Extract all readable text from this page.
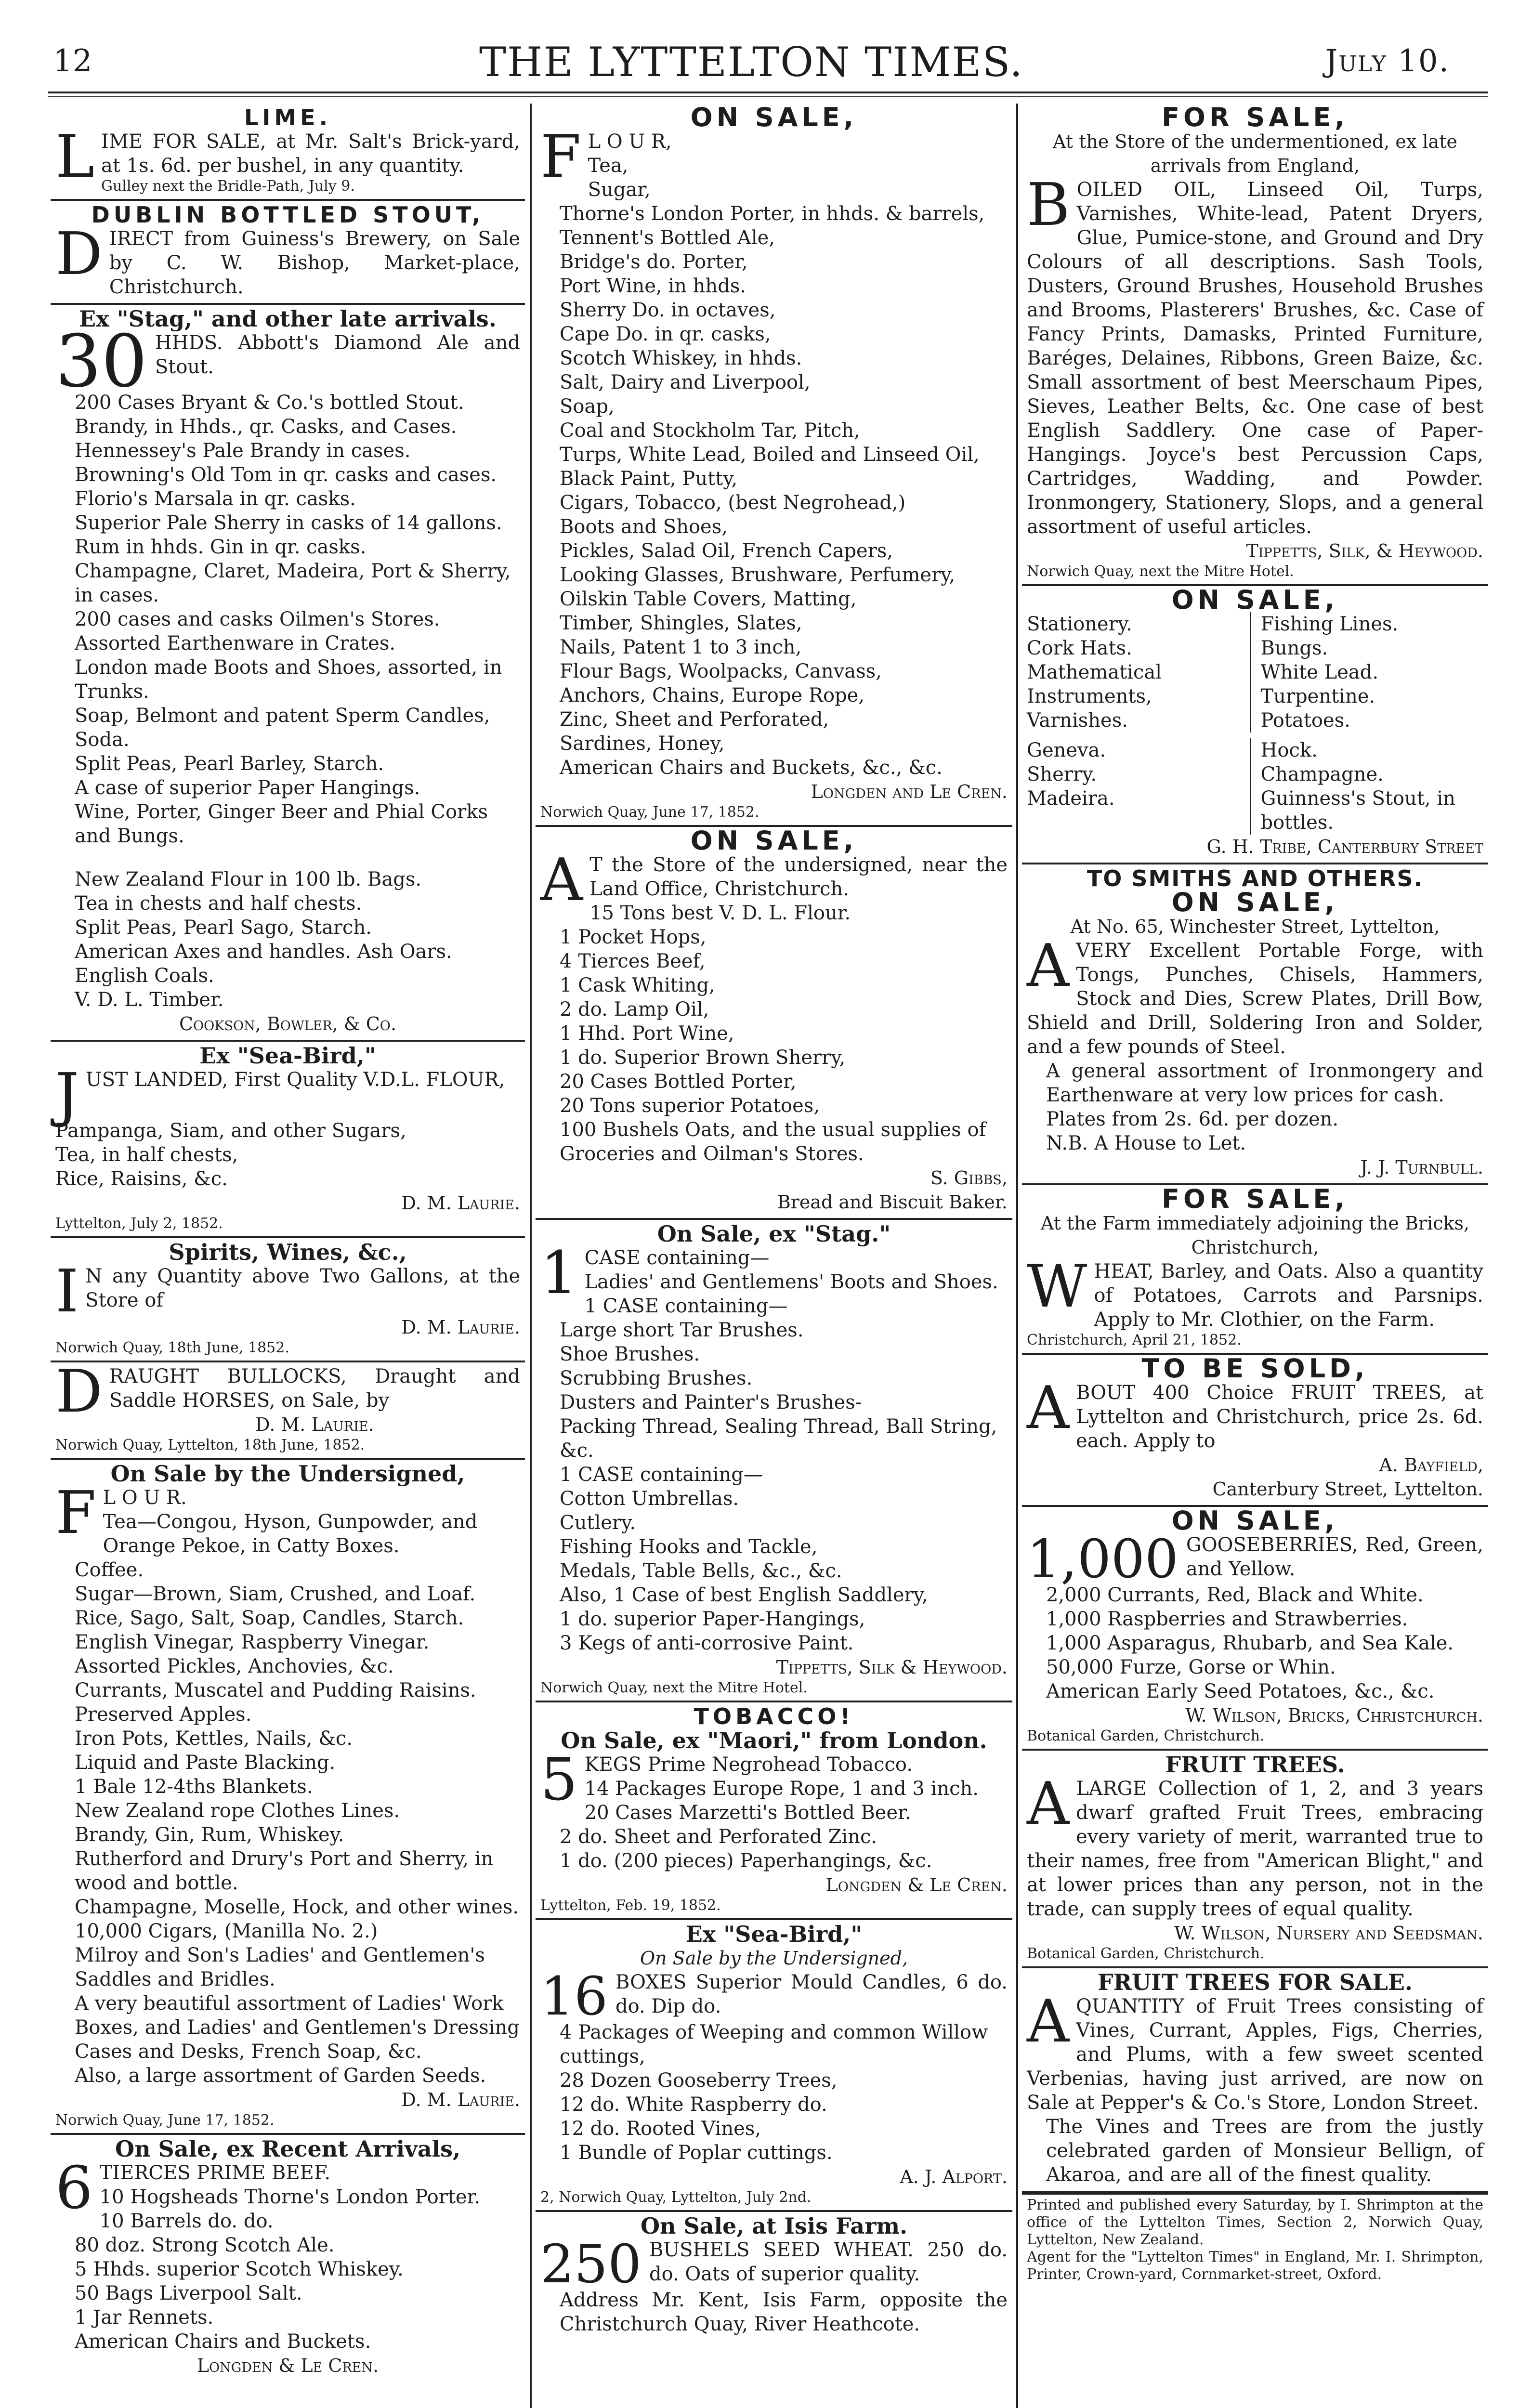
12	THE LYTTELTON TIMES.	July 10.
LIME.

LIME FOR SALE, at Mr. Salt's Brick-yard, at 1s. 6d. per bushel, in any quantity.

Gulley next the Bridle-Path, July 9.
DUBLIN BOTTLED STOUT,

DIRECT from Guiness's Brewery, on Sale by C. W. Bishop, Market-place, Christchurch.

Ex "Stag," and other late arrivals.

30 HHDS. Abbott's Diamond Ale and Stout.

200 Cases Bryant & Co.'s bottled Stout.
Brandy, in Hhds., qr. Casks, and Cases.
Hennessey's Pale Brandy in cases.
Browning's Old Tom in qr. casks and cases.
Florio's Marsala in qr. casks.
Superior Pale Sherry in casks of 14 gallons.
Rum in hhds. Gin in qr. casks.
Champagne, Claret, Madeira, Port & Sherry, in cases.
200 cases and casks Oilmen's Stores.
Assorted Earthenware in Crates.
London made Boots and Shoes, assorted, in Trunks.
Soap, Belmont and patent Sperm Candles, Soda.
Split Peas, Pearl Barley, Starch.
A case of superior Paper Hangings.
Wine, Porter, Ginger Beer and Phial Corks and Bungs.
New Zealand Flour in 100 lb. Bags.
Tea in chests and half chests.
Split Peas, Pearl Sago, Starch.
American Axes and handles. Ash Oars.
English Coals.
V. D. L. Timber.
Cookson, Bowler, & Co.
Ex "Sea-Bird,"

JUST LANDED, First Quality V.D.L. FLOUR,

Pampanga, Siam, and other Sugars,
Tea, in half chests,
Rice, Raisins, &c.
D. M. Laurie.
Lyttelton, July 2, 1852.
Spirits, Wines, &c.,

I N any Quantity above Two Gallons, at the Store of

D. M. Laurie.
Norwich Quay, 18th June, 1852.

DRAUGHT BULLOCKS, Draught and Saddle HORSES, on Sale, by

D. M. Laurie.
Norwich Quay, Lyttelton, 18th June, 1852.
On Sale by the Undersigned,

F L O U R.

Tea—Congou, Hyson, Gunpowder, and Orange Pekoe, in Catty Boxes.
Coffee.
Sugar—Brown, Siam, Crushed, and Loaf.
Rice, Sago, Salt, Soap, Candles, Starch.
English Vinegar, Raspberry Vinegar.
Assorted Pickles, Anchovies, &c.
Currants, Muscatel and Pudding Raisins.
Preserved Apples.
Iron Pots, Kettles, Nails, &c.
Liquid and Paste Blacking.
1 Bale 12-4ths Blankets.
New Zealand rope Clothes Lines.
Brandy, Gin, Rum, Whiskey.
Rutherford and Drury's Port and Sherry, in wood and bottle.
Champagne, Moselle, Hock, and other wines.
10,000 Cigars, (Manilla No. 2.)
Milroy and Son's Ladies' and Gentlemen's Saddles and Bridles.
A very beautiful assortment of Ladies' Work Boxes, and Ladies' and Gentlemen's Dressing Cases and Desks, French Soap, &c.
Also, a large assortment of Garden Seeds.
D. M. Laurie.
Norwich Quay, June 17, 1852.
On Sale, ex Recent Arrivals,

6 TIERCES PRIME BEEF.

10 Hogsheads Thorne's London Porter.
10 Barrels do. do.
80 doz. Strong Scotch Ale.
5 Hhds. superior Scotch Whiskey.
50 Bags Liverpool Salt.
1 Jar Rennets.
American Chairs and Buckets.
Longden & Le Cren.
ON SALE,

F L O U R,

Tea,
Sugar,
Thorne's London Porter, in hhds. & barrels,
Tennent's Bottled Ale,
Bridge's do. Porter,
Port Wine, in hhds.
Sherry Do. in octaves,
Cape Do. in qr. casks,
Scotch Whiskey, in hhds.
Salt, Dairy and Liverpool,
Soap,
Coal and Stockholm Tar, Pitch,
Turps, White Lead, Boiled and Linseed Oil,
Black Paint, Putty,
Cigars, Tobacco, (best Negrohead,)
Boots and Shoes,
Pickles, Salad Oil, French Capers,
Looking Glasses, Brushware, Perfumery,
Oilskin Table Covers, Matting,
Timber, Shingles, Slates,
Nails, Patent 1 to 3 inch,
Flour Bags, Woolpacks, Canvass,
Anchors, Chains, Europe Rope,
Zinc, Sheet and Perforated,
Sardines, Honey,
American Chairs and Buckets, &c., &c.
Longden and Le Cren.
Norwich Quay, June 17, 1852.
ON SALE,

A T the Store of the undersigned, near the Land Office, Christchurch.

15 Tons best V. D. L. Flour.
1 Pocket Hops,
4 Tierces Beef,
1 Cask Whiting,
2 do. Lamp Oil,
1 Hhd. Port Wine,
1 do. Superior Brown Sherry,
20 Cases Bottled Porter,
20 Tons superior Potatoes,
100 Bushels Oats, and the usual supplies of Groceries and Oilman's Stores.
S. Gibbs,
Bread and Biscuit Baker.
On Sale, ex "Stag."

1 CASE containing—

Ladies' and Gentlemens' Boots and Shoes.
1 CASE containing—
Large short Tar Brushes.
Shoe Brushes.
Scrubbing Brushes.
Dusters and Painter's Brushes-
Packing Thread, Sealing Thread, Ball String, &c.
1 CASE containing—
Cotton Umbrellas.
Cutlery.
Fishing Hooks and Tackle,
Medals, Table Bells, &c., &c.
Also, 1 Case of best English Saddlery,
1 do. superior Paper-Hangings,
3 Kegs of anti-corrosive Paint.
Tippetts, Silk & Heywood.
Norwich Quay, next the Mitre Hotel.
TOBACCO!
On Sale, ex "Maori," from London.

5 KEGS Prime Negrohead Tobacco.

14 Packages Europe Rope, 1 and 3 inch.
20 Cases Marzetti's Bottled Beer.
2 do. Sheet and Perforated Zinc.
1 do. (200 pieces) Paperhangings, &c.
Longden & Le Cren.
Lyttelton, Feb. 19, 1852.
Ex "Sea-Bird,"
On Sale by the Undersigned,

16 BOXES Superior Mould Candles, 6 do. do. Dip do.

4 Packages of Weeping and common Willow cuttings,
28 Dozen Gooseberry Trees,
12 do. White Raspberry do.
12 do. Rooted Vines,
1 Bundle of Poplar cuttings.
A. J. Alport.
2, Norwich Quay, Lyttelton, July 2nd.
On Sale, at Isis Farm.

250 BUSHELS SEED WHEAT. 250 do. do. Oats of superior quality.

Address Mr. Kent, Isis Farm, opposite the Christchurch Quay, River Heathcote.

FOR SALE,
At the Store of the undermentioned, ex late arrivals from England,

BOILED OIL, Linseed Oil, Turps, Varnishes, White-lead, Patent Dryers, Glue, Pumice-stone, and Ground and Dry Colours of all descriptions. Sash Tools, Dusters, Ground Brushes, Household Brushes and Brooms, Plasterers' Brushes, &c. Case of Fancy Prints, Damasks, Printed Furniture, Baréges, Delaines, Ribbons, Green Baize, &c. Small assortment of best Meerschaum Pipes, Sieves, Leather Belts, &c. One case of best English Saddlery. One case of Paper-Hangings. Joyce's best Percussion Caps, Cartridges, Wadding, and Powder. Ironmongery, Stationery, Slops, and a general assortment of useful articles.

Tippetts, Silk, & Heywood.
Norwich Quay, next the Mitre Hotel.
ON SALE,
Stationery.
Cork Hats.
Mathematical Instruments,
Varnishes.
Fishing Lines.
Bungs.
White Lead.
Turpentine.
Potatoes.
Geneva.
Sherry.
Madeira.
Hock.
Champagne.
Guinness's Stout, in bottles.
G. H. Tribe, Canterbury Street
TO SMITHS AND OTHERS.
ON SALE,
At No. 65, Winchester Street, Lyttelton,

AVERY Excellent Portable Forge, with Tongs, Punches, Chisels, Hammers, Stock and Dies, Screw Plates, Drill Bow, Shield and Drill, Soldering Iron and Solder, and a few pounds of Steel.

A general assortment of Ironmongery and Earthenware at very low prices for cash.

Plates from 2s. 6d. per dozen.

N.B. A House to Let.

J. J. Turnbull.
FOR SALE,
At the Farm immediately adjoining the Bricks, Christchurch,

WHEAT, Barley, and Oats. Also a quantity of Potatoes, Carrots and Parsnips. Apply to Mr. Clothier, on the Farm.

Christchurch, April 21, 1852.
TO BE SOLD,

ABOUT 400 Choice FRUIT TREES, at Lyttelton and Christchurch, price 2s. 6d. each. Apply to

A. Bayfield,
Canterbury Street, Lyttelton.
ON SALE,

1,000 GOOSEBERRIES, Red, Green, and Yellow.

2,000 Currants, Red, Black and White.
1,000 Raspberries and Strawberries.
1,000 Asparagus, Rhubarb, and Sea Kale.
50,000 Furze, Gorse or Whin.
American Early Seed Potatoes, &c., &c.
W. Wilson, Bricks, Christchurch.
Botanical Garden, Christchurch.
FRUIT TREES.

ALARGE Collection of 1, 2, and 3 years dwarf grafted Fruit Trees, embracing every variety of merit, warranted true to their names, free from "American Blight," and at lower prices than any person, not in the trade, can supply trees of equal quality.

W. Wilson, Nursery and Seedsman.
Botanical Garden, Christchurch.
FRUIT TREES FOR SALE.

AQUANTITY of Fruit Trees consisting of Vines, Currant, Apples, Figs, Cherries, and Plums, with a few sweet scented Verbenias, having just arrived, are now on Sale at Pepper's & Co.'s Store, London Street.

The Vines and Trees are from the justly celebrated garden of Monsieur Bellign, of Akaroa, and are all of the finest quality.

Printed and published every Saturday, by I. Shrimpton at the office of the Lyttelton Times, Section 2, Norwich Quay, Lyttelton, New Zealand.

Agent for the "Lyttelton Times" in England, Mr. I. Shrimpton, Printer, Crown-yard, Cornmarket-street, Oxford.
